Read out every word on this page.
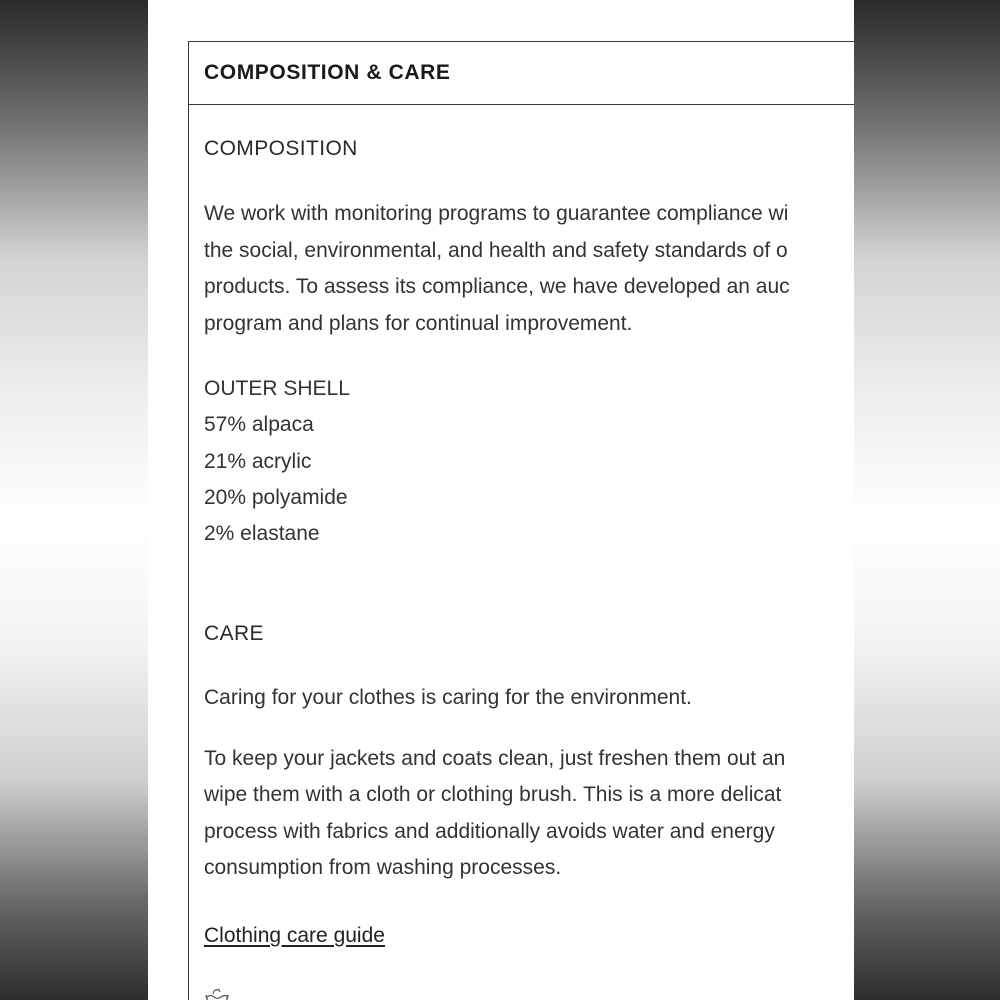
COMPOSITION & CARE
COMPOSITION
We work with monitoring programs to guarantee compliance wi
the social, environmental, and health and safety standards of o
products. To assess its compliance, we have developed an auc
program and plans for continual improvement.
OUTER SHELL
57% alpaca
21% acrylic
20% polyamide
2% elastane
CARE
Caring for your clothes is caring for the environment.
To keep your jackets and coats clean, just freshen them out an
wipe them with a cloth or clothing brush. This is a more delicat
process with fabrics and additionally avoids water and energy
consumption from washing processes.
Clothing care guide
